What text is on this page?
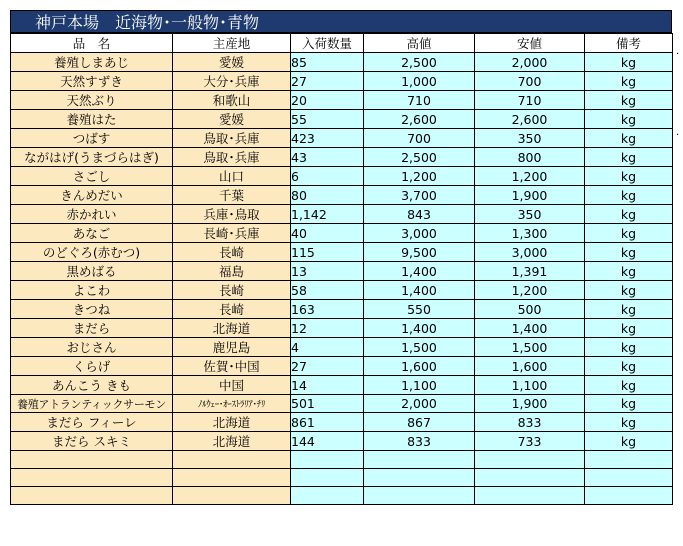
神戸本場　近海物･一般物･青物
品　名	主産地	入荷数量	高値	安値	備考
養殖しまあじ	愛媛	85	2,500	2,000	kg
天然すずき	大分･兵庫	27	1,000	700	kg
天然ぶり	和歌山	20	710	710	kg
養殖はた	愛媛	55	2,600	2,600	kg
つばす	鳥取･兵庫	423	700	350	kg
ながはげ(うまづらはぎ)	鳥取･兵庫	43	2,500	800	kg
さごし	山口	6	1,200	1,200	kg
きんめだい	千葉	80	3,700	1,900	kg
赤かれい	兵庫･鳥取	1,142	843	350	kg
あなご	長崎･兵庫	40	3,000	1,300	kg
のどぐろ(赤むつ)	長崎	115	9,500	3,000	kg
黒めばる	福島	13	1,400	1,391	kg
よこわ	長崎	58	1,400	1,200	kg
きつね	長崎	163	550	500	kg
まだら	北海道	12	1,400	1,400	kg
おじさん	鹿児島	4	1,500	1,500	kg
くらげ	佐賀･中国	27	1,600	1,600	kg
あんこう きも	中国	14	1,100	1,100	kg
養殖アトランティックサーモン	ﾉﾙｳｪｰ･ｵｰｽﾄﾗﾘｱ･ﾁﾘ	501	2,000	1,900	kg
まだら フィーレ	北海道	861	867	833	kg
まだら スキミ	北海道	144	833	733	kg

.
.
